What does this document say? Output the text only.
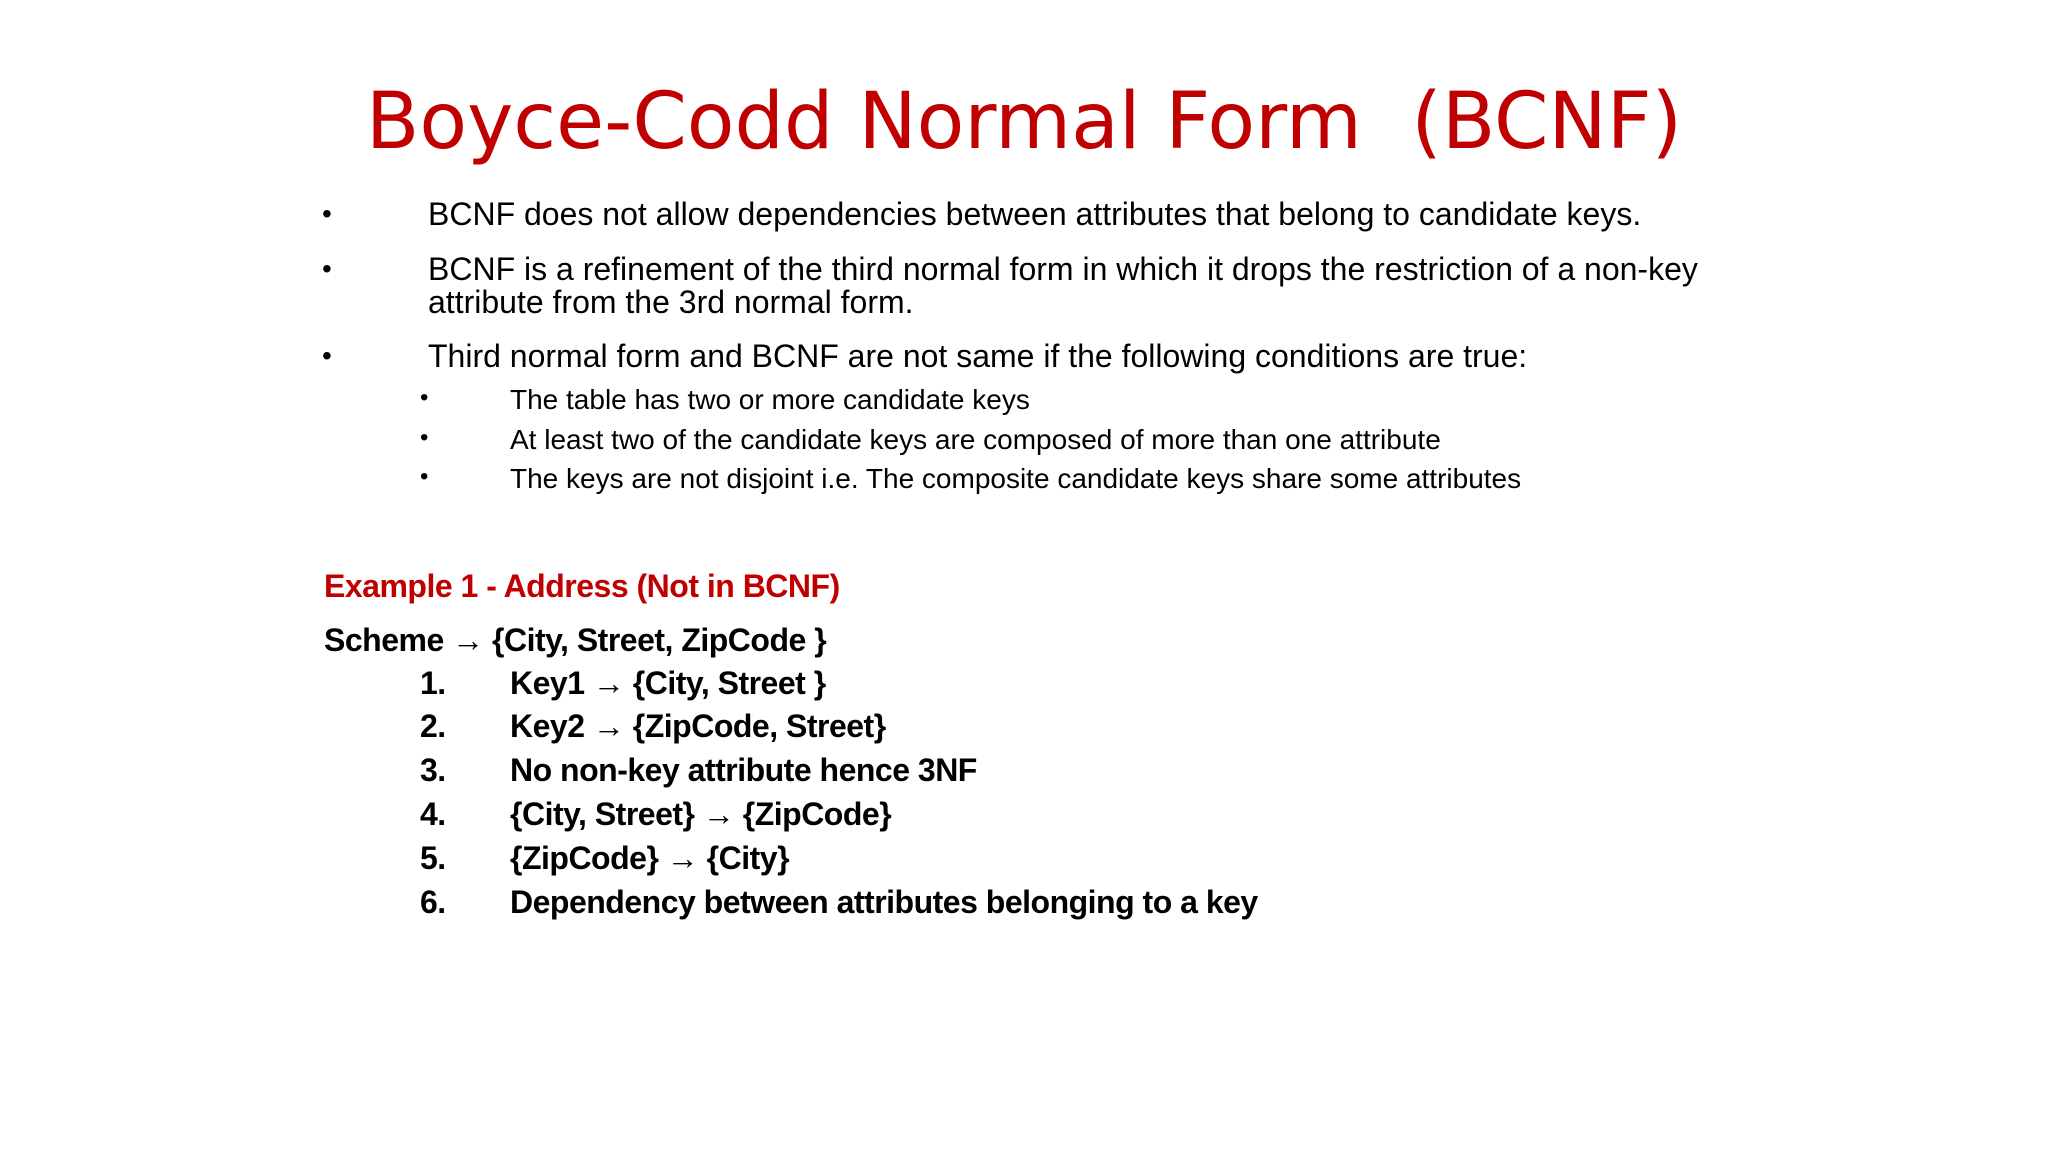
Boyce-Codd Normal Form  (BCNF)
•	BCNF does not allow dependencies between attributes that belong to candidate keys.
•	BCNF is a refinement of the third normal form in which it drops the restriction of a non-key attribute from the 3rd normal form.
•	Third normal form and BCNF are not same if the following conditions are true:
•	The table has two or more candidate keys
•	At least two of the candidate keys are composed of more than one attribute
•	The keys are not disjoint i.e. The composite candidate keys share some attributes
Example 1 - Address (Not in BCNF)
Scheme → {City, Street, ZipCode }
1. Key1 → {City, Street }
2. Key2 → {ZipCode, Street}
3. No non-key attribute hence 3NF
4. {City, Street} → {ZipCode}
5. {ZipCode} → {City}
6. Dependency between attributes belonging to a key
